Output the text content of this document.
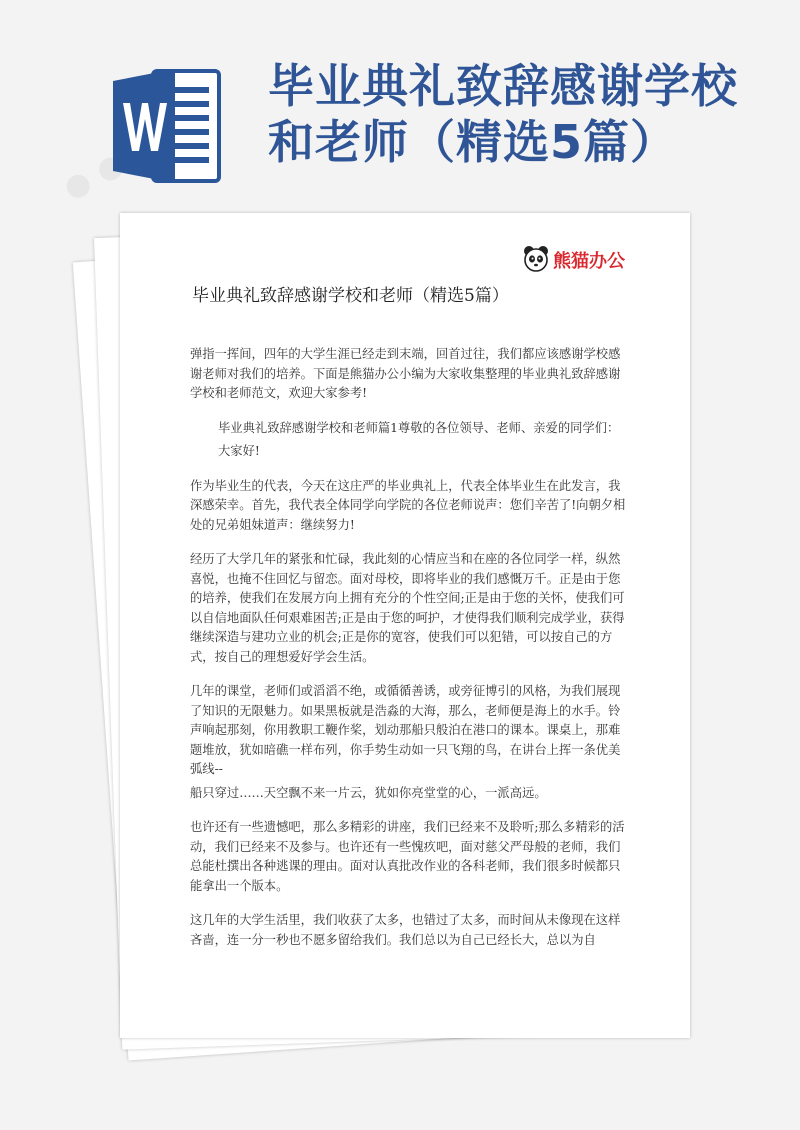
● ● ●
毕业典礼致辞感谢学校
和老师（精选5篇）
熊猫办公
毕业典礼致辞感谢学校和老师（精选5篇）

弹指一挥间，四年的大学生涯已经走到末端，回首过往，我们都应该感谢学校感谢老师对我们的培养。下面是熊猫办公小编为大家收集整理的毕业典礼致辞感谢学校和老师范文，欢迎大家参考!

毕业典礼致辞感谢学校和老师篇1尊敬的各位领导、老师、亲爱的同学们：

大家好!

作为毕业生的代表，今天在这庄严的毕业典礼上，代表全体毕业生在此发言，我深感荣幸。首先，我代表全体同学向学院的各位老师说声：您们辛苦了!向朝夕相处的兄弟姐妹道声：继续努力!

经历了大学几年的紧张和忙碌，我此刻的心情应当和在座的各位同学一样，纵然喜悦，也掩不住回忆与留恋。面对母校，即将毕业的我们感慨万千。正是由于您的培养，使我们在发展方向上拥有充分的个性空间;正是由于您的关怀，使我们可以自信地面队任何艰难困苦;正是由于您的呵护，才使得我们顺利完成学业，获得继续深造与建功立业的机会;正是你的宽容，使我们可以犯错，可以按自己的方式，按自己的理想爱好学会生活。

几年的课堂，老师们或滔滔不绝，或循循善诱，或旁征博引的风格，为我们展现了知识的无限魅力。如果黑板就是浩淼的大海，那么，老师便是海上的水手。铃声响起那刻，你用教职工鞭作桨，划动那船只般泊在港口的课本。课桌上，那难题堆放，犹如暗礁一样布列，你手势生动如一只飞翔的鸟，在讲台上挥一条优美弧线--

船只穿过……天空飘不来一片云，犹如你亮堂堂的心，一派高远。

也许还有一些遗憾吧，那么多精彩的讲座，我们已经来不及聆听;那么多精彩的活动，我们已经来不及参与。也许还有一些愧疚吧，面对慈父严母般的老师，我们总能杜撰出各种逃课的理由。面对认真批改作业的各科老师，我们很多时候都只能拿出一个版本。

这几年的大学生活里，我们收获了太多，也错过了太多，而时间从未像现在这样吝啬，连一分一秒也不愿多留给我们。我们总以为自己已经长大，总以为自
